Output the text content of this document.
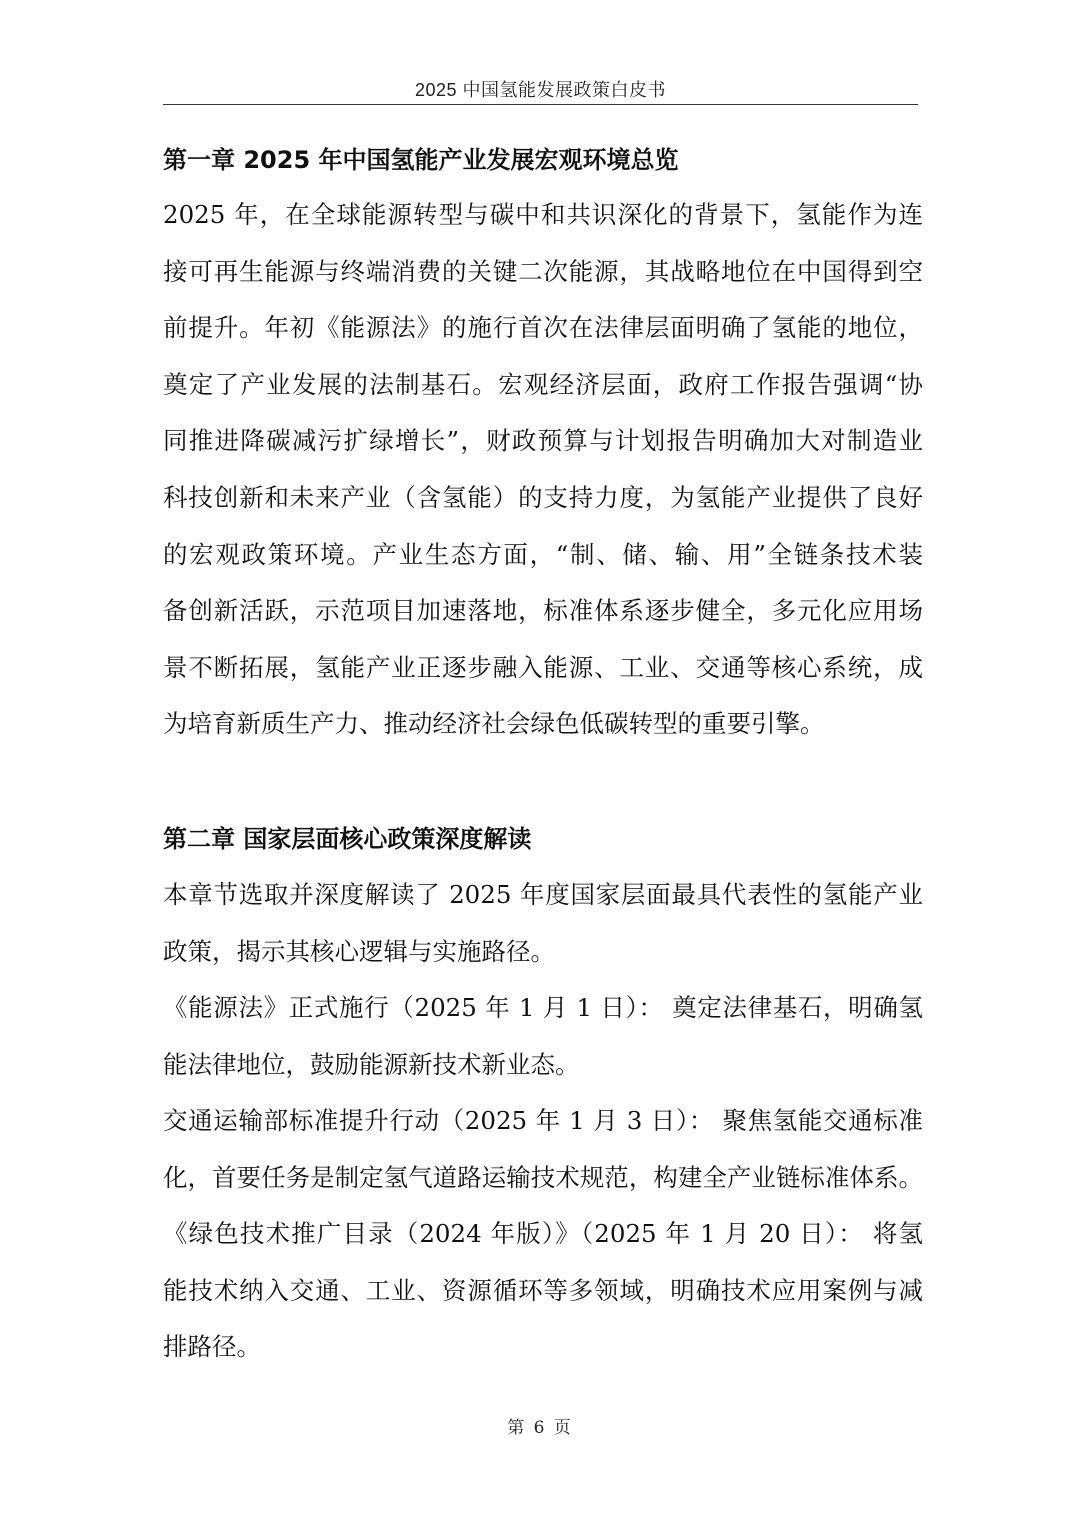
2025 中国氢能发展政策白皮书
第一章 2025 年中国氢能产业发展宏观环境总览
2025 年，在全球能源转型与碳中和共识深化的背景下，氢能作为连
接可再生能源与终端消费的关键二次能源，其战略地位在中国得到空
前提升。年初《能源法》的施行首次在法律层面明确了氢能的地位，
奠定了产业发展的法制基石。宏观经济层面，政府工作报告强调“协
同推进降碳减污扩绿增长”，财政预算与计划报告明确加大对制造业
科技创新和未来产业（含氢能）的支持力度，为氢能产业提供了良好
的宏观政策环境。产业生态方面，“制、储、输、用”全链条技术装
备创新活跃，示范项目加速落地，标准体系逐步健全，多元化应用场
景不断拓展，氢能产业正逐步融入能源、工业、交通等核心系统，成
为培育新质生产力、推动经济社会绿色低碳转型的重要引擎。
第二章 国家层面核心政策深度解读
本章节选取并深度解读了 2025 年度国家层面最具代表性的氢能产业
政策，揭示其核心逻辑与实施路径。
《能源法》正式施行（2025 年 1 月 1 日）： 奠定法律基石，明确氢
能法律地位，鼓励能源新技术新业态。
交通运输部标准提升行动（2025 年 1 月 3 日）： 聚焦氢能交通标准
化，首要任务是制定氢气道路运输技术规范，构建全产业链标准体系。
《绿色技术推广目录（2024 年版）》（2025 年 1 月 20 日）： 将氢
能技术纳入交通、工业、资源循环等多领域，明确技术应用案例与减
排路径。
第 6 页
